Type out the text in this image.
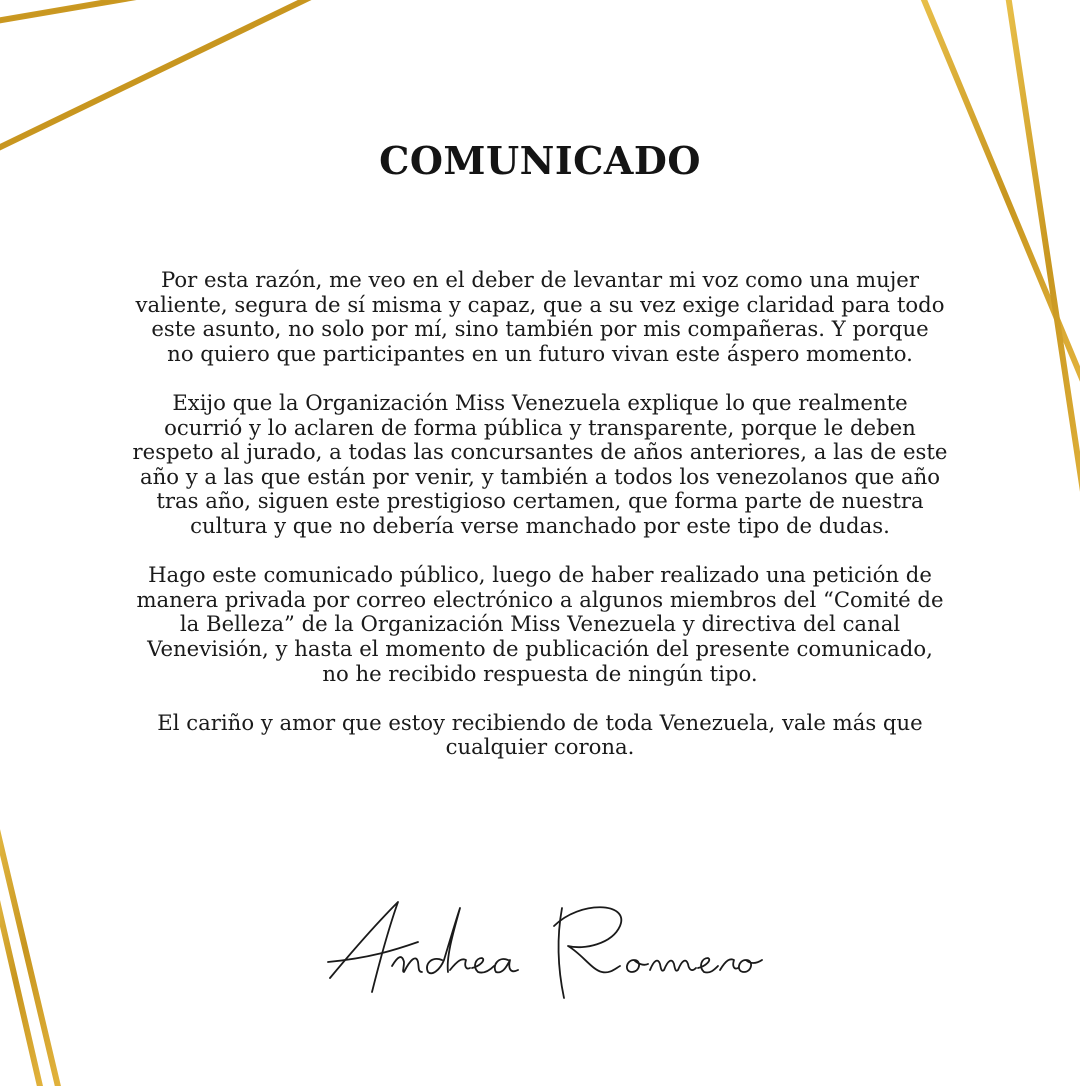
COMUNICADO

Por esta razón, me veo en el deber de levantar mi voz como una mujer
valiente, segura de sí misma y capaz, que a su vez exige claridad para todo
este asunto, no solo por mí, sino también por mis compañeras. Y porque
no quiero que participantes en un futuro vivan este áspero momento.

Exijo que la Organización Miss Venezuela explique lo que realmente
ocurrió y lo aclaren de forma pública y transparente, porque le deben
respeto al jurado, a todas las concursantes de años anteriores, a las de este
año y a las que están por venir, y también a todos los venezolanos que año
tras año, siguen este prestigioso certamen, que forma parte de nuestra
cultura y que no debería verse manchado por este tipo de dudas.

Hago este comunicado público, luego de haber realizado una petición de
manera privada por correo electrónico a algunos miembros del “Comité de
la Belleza” de la Organización Miss Venezuela y directiva del canal
Venevisión, y hasta el momento de publicación del presente comunicado,
no he recibido respuesta de ningún tipo.

El cariño y amor que estoy recibiendo de toda Venezuela, vale más que
cualquier corona.
